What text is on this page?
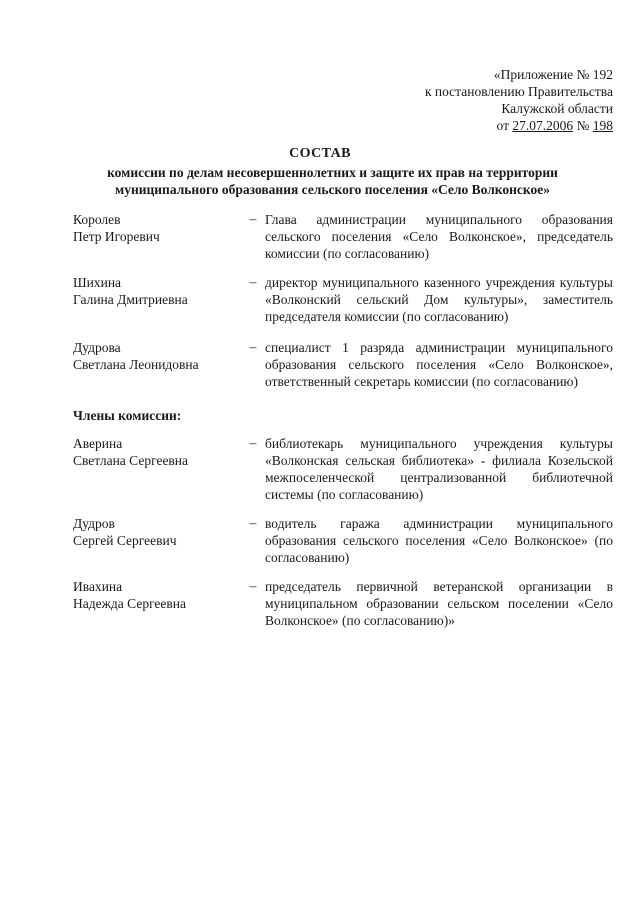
«Приложение № 192
к постановлению Правительства
Калужской области
от 27.07.2006 № 198
СОСТАВ
комиссии по делам несовершеннолетних и защите их прав на территории муниципального образования сельского поселения «Село Волконское»
Королев
Петр Игоревич
– Глава администрации муниципального образования сельского поселения «Село Волконское», председатель комиссии (по согласованию)
Шихина
Галина Дмитриевна
– директор муниципального казенного учреждения культуры «Волконский сельский Дом культуры», заместитель председателя комиссии (по согласованию)
Дудрова
Светлана Леонидовна
– специалист 1 разряда администрации муниципального образования сельского поселения «Село Волконское», ответственный секретарь комиссии (по согласованию)
Члены комиссии:
Аверина
Светлана Сергеевна
– библиотекарь муниципального учреждения культуры «Волконская сельская библиотека» - филиала Козельской межпоселенческой централизованной библиотечной системы (по согласованию)
Дудров
Сергей Сергеевич
– водитель гаража администрации муниципального образования сельского поселения «Село Волконское» (по согласованию)
Ивахина
Надежда Сергеевна
– председатель первичной ветеранской организации в муниципальном образовании сельском поселении «Село Волконское» (по согласованию)»
